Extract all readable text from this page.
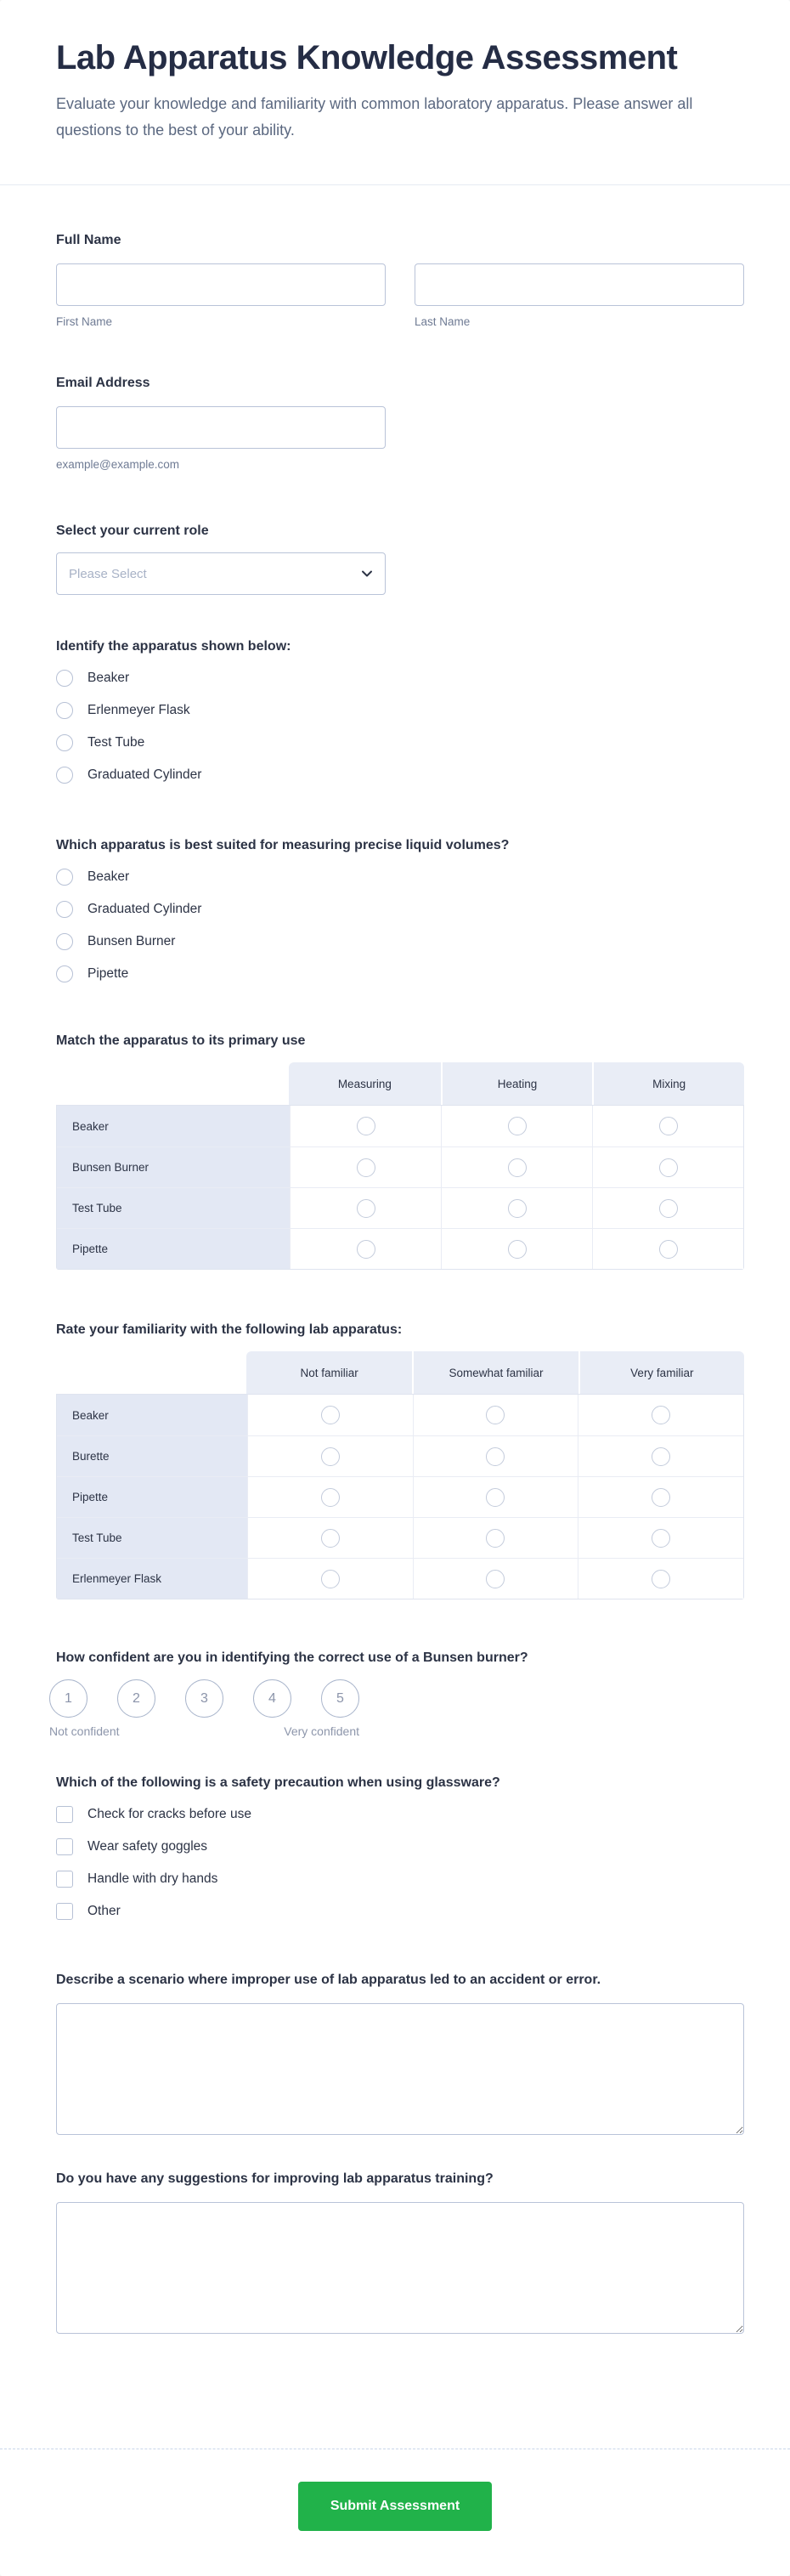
Lab Apparatus Knowledge Assessment
Evaluate your knowledge and familiarity with common laboratory apparatus. Please answer all questions to the best of your ability.
Full Name
First Name	Last Name
Email Address
example@example.com
Select your current role
Please Select
Identify the apparatus shown below:
Beaker
Erlenmeyer Flask
Test Tube
Graduated Cylinder
Which apparatus is best suited for measuring precise liquid volumes?
Beaker
Graduated Cylinder
Bunsen Burner
Pipette
Match the apparatus to its primary use
Measuring	Heating	Mixing
Beaker
Bunsen Burner
Test Tube
Pipette
Rate your familiarity with the following lab apparatus:
Not familiar	Somewhat familiar	Very familiar
Beaker
Burette
Pipette
Test Tube
Erlenmeyer Flask
How confident are you in identifying the correct use of a Bunsen burner?
1	2	3	4	5
Not confident	Very confident
Which of the following is a safety precaution when using glassware?
Check for cracks before use
Wear safety goggles
Handle with dry hands
Other
Describe a scenario where improper use of lab apparatus led to an accident or error.
Do you have any suggestions for improving lab apparatus training?
Submit Assessment
